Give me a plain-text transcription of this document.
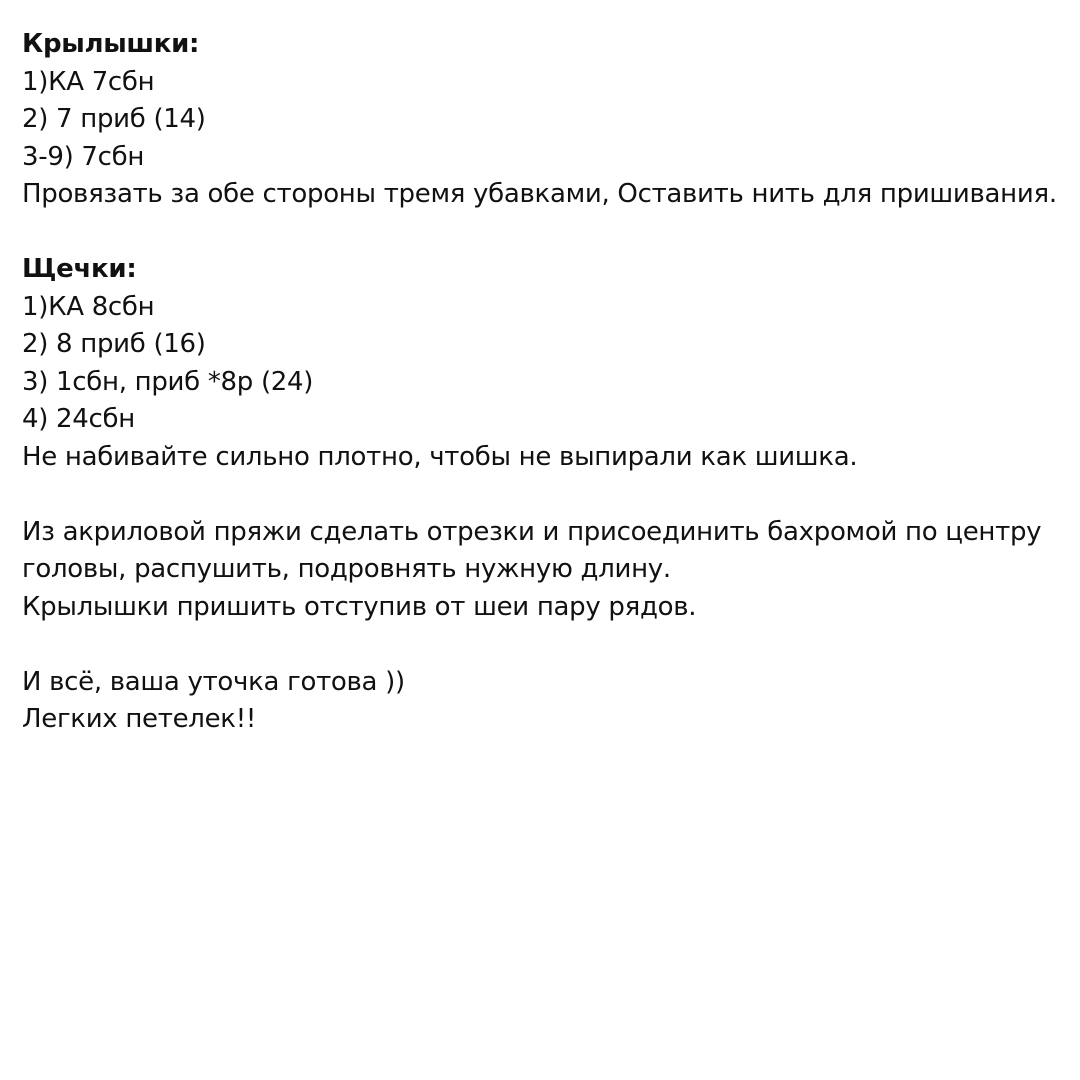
Крылышки:
1)КА 7сбн
2) 7 приб (14)
3-9) 7сбн
Провязать за обе стороны тремя убавками, Оставить нить для пришивания.
Щечки:
1)КА 8сбн
2) 8 приб (16)
3) 1сбн, приб *8р (24)
4) 24сбн
Не набивайте сильно плотно, чтобы не выпирали как шишка.
Из акриловой пряжи сделать отрезки и присоединить бахромой по центру
головы, распушить, подровнять нужную длину.
Крылышки пришить отступив от шеи пару рядов.
И всё, ваша уточка готова ))
Легких петелек!!
